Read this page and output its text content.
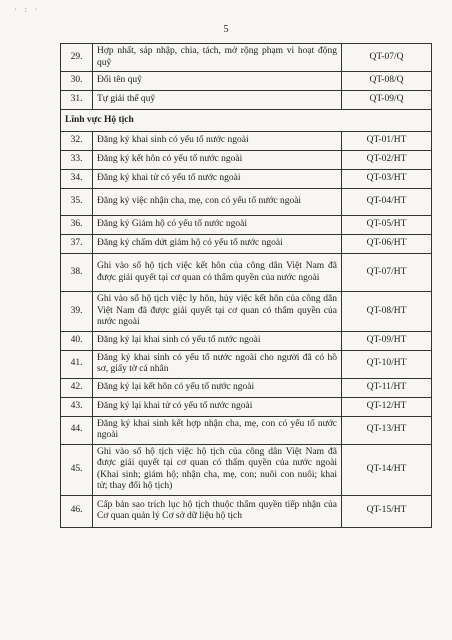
· : ·
5
29.	Hợp nhất, sáp nhập, chia, tách, mở rộng phạm vi hoạt động quỹ	QT-07/Q
30.	Đổi tên quỹ	QT-08/Q
31.	Tự giải thể quỹ	QT-09/Q
Lĩnh vực Hộ tịch		
32.	Đăng ký khai sinh có yếu tố nước ngoài	QT-01/HT
33.	Đăng ký kết hôn có yếu tố nước ngoài	QT-02/HT
34.	Đăng ký khai tử có yếu tố nước ngoài	QT-03/HT
35.	Đăng ký việc nhận cha, mẹ, con có yếu tố nước ngoài	QT-04/HT
36.	Đăng ký Giám hộ có yếu tố nước ngoài	QT-05/HT
37.	Đăng ký chấm dứt giám hộ có yếu tố nước ngoài	QT-06/HT
38.	Ghi vào sổ hộ tịch việc kết hôn của công dân Việt Nam đã được giải quyết tại cơ quan có thẩm quyền của nước ngoài	QT-07/HT
39.	Ghi vào sổ hộ tịch việc ly hôn, hủy việc kết hôn của công dân Việt Nam đã được giải quyết tại cơ quan có thẩm quyền của nước ngoài	QT-08/HT
40.	Đăng ký lại khai sinh có yếu tố nước ngoài	QT-09/HT
41.	Đăng ký khai sinh có yếu tố nước ngoài cho người đã có hồ sơ, giấy tờ cá nhân	QT-10/HT
42.	Đăng ký lại kết hôn có yếu tố nước ngoài	QT-11/HT
43.	Đăng ký lại khai tử có yếu tố nước ngoài	QT-12/HT
44.	Đăng ký khai sinh kết hợp nhận cha, mẹ, con có yếu tố nước ngoài	QT-13/HT
45.	Ghi vào sổ hộ tịch việc hộ tịch của công dân Việt Nam đã được giải quyết tại cơ quan có thẩm quyền của nước ngoài (Khai sinh; giám hộ; nhận cha, mẹ, con; nuôi con nuôi; khai tử; thay đổi hộ tịch)	QT-14/HT
46.	Cấp bản sao trích lục hộ tịch thuộc thẩm quyền tiếp nhận của Cơ quan quản lý Cơ sở dữ liệu hộ tịch	QT-15/HT
